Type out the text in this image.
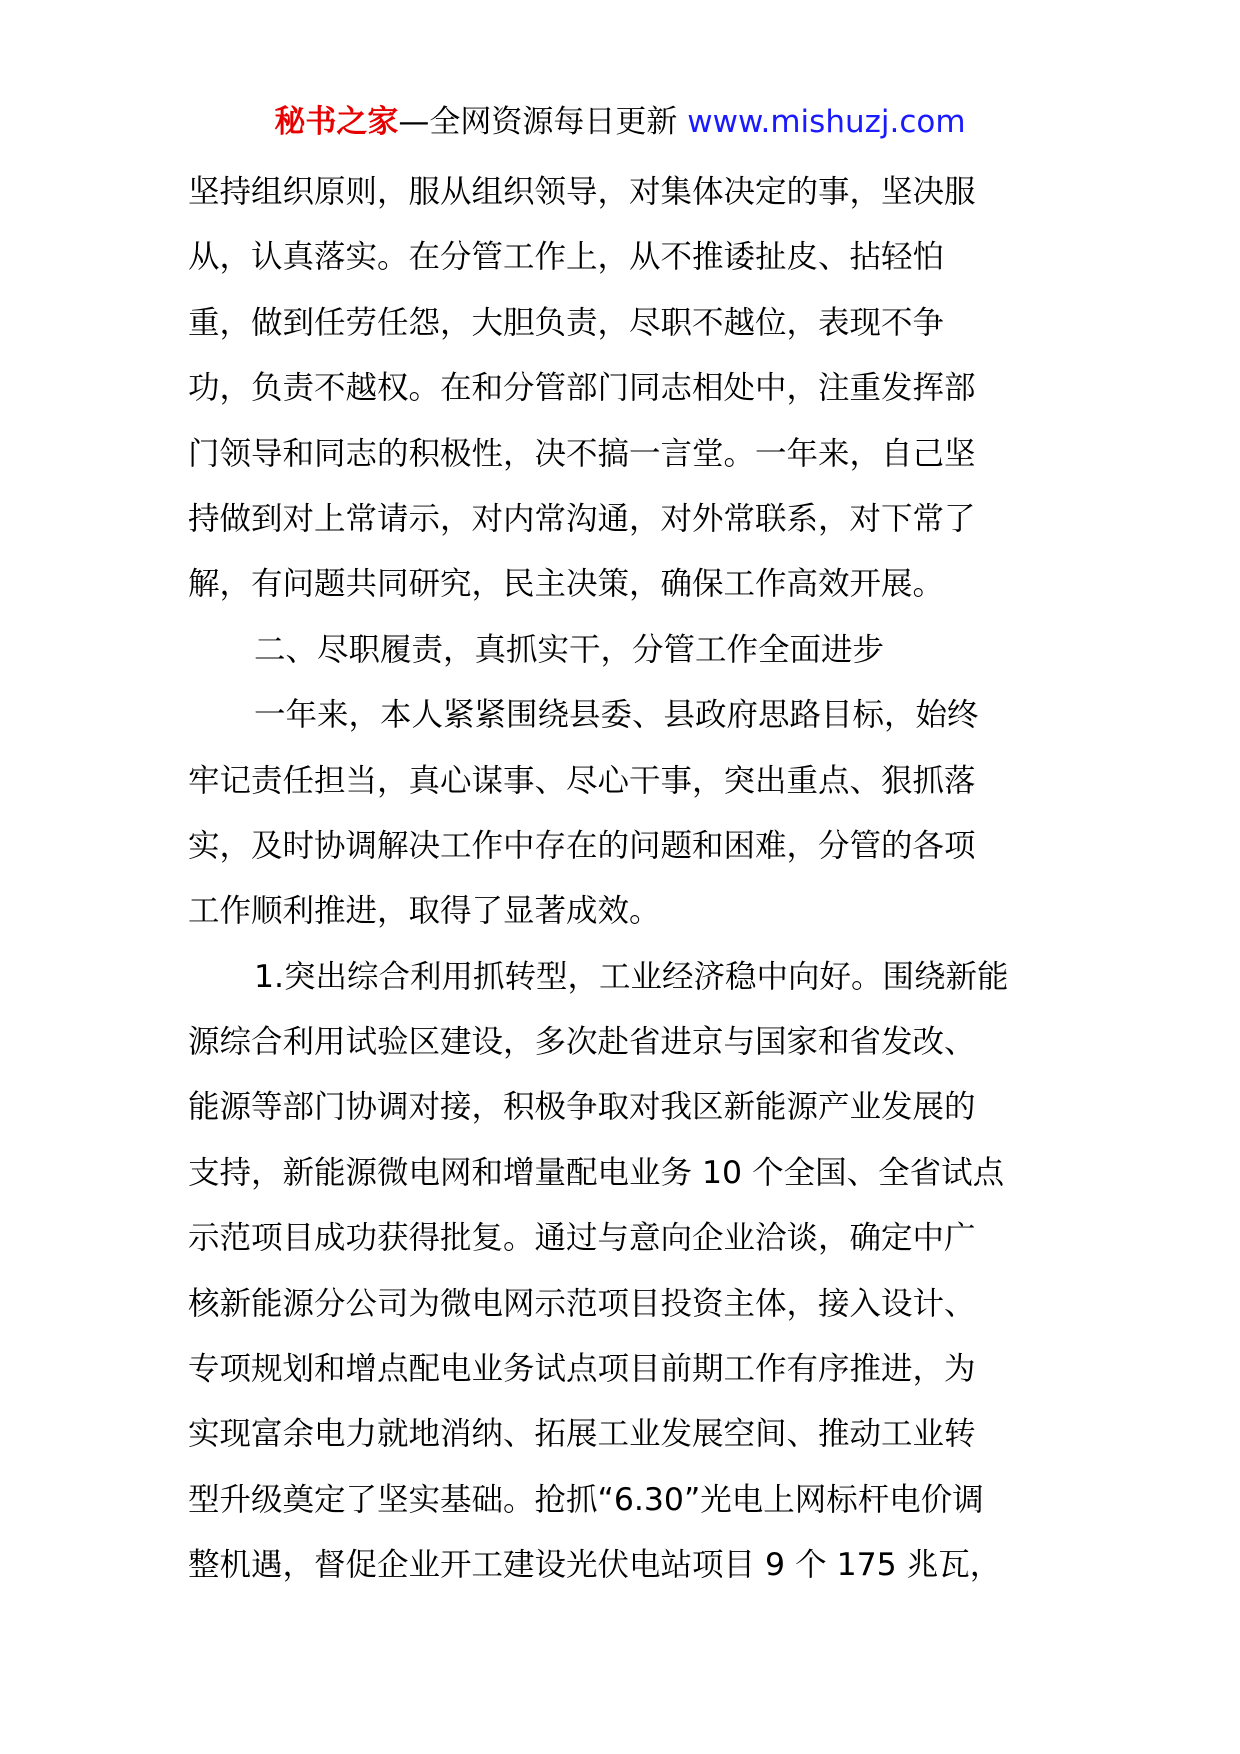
秘书之家—全网资源每日更新 www.mishuzj.com
坚持组织原则，服从组织领导，对集体决定的事，坚决服
从，认真落实。在分管工作上，从不推诿扯皮、拈轻怕
重，做到任劳任怨，大胆负责，尽职不越位，表现不争
功，负责不越权。在和分管部门同志相处中，注重发挥部
门领导和同志的积极性，决不搞一言堂。一年来，自己坚
持做到对上常请示，对内常沟通，对外常联系，对下常了
解，有问题共同研究，民主决策，确保工作高效开展。
二、尽职履责，真抓实干，分管工作全面进步
一年来，本人紧紧围绕县委、县政府思路目标，始终
牢记责任担当，真心谋事、尽心干事，突出重点、狠抓落
实，及时协调解决工作中存在的问题和困难，分管的各项
工作顺利推进，取得了显著成效。
1.突出综合利用抓转型，工业经济稳中向好。围绕新能
源综合利用试验区建设，多次赴省进京与国家和省发改、
能源等部门协调对接，积极争取对我区新能源产业发展的
支持，新能源微电网和增量配电业务 10 个全国、全省试点
示范项目成功获得批复。通过与意向企业洽谈，确定中广
核新能源分公司为微电网示范项目投资主体，接入设计、
专项规划和增点配电业务试点项目前期工作有序推进，为
实现富余电力就地消纳、拓展工业发展空间、推动工业转
型升级奠定了坚实基础。抢抓“6.30”光电上网标杆电价调
整机遇，督促企业开工建设光伏电站项目 9 个 175 兆瓦，
